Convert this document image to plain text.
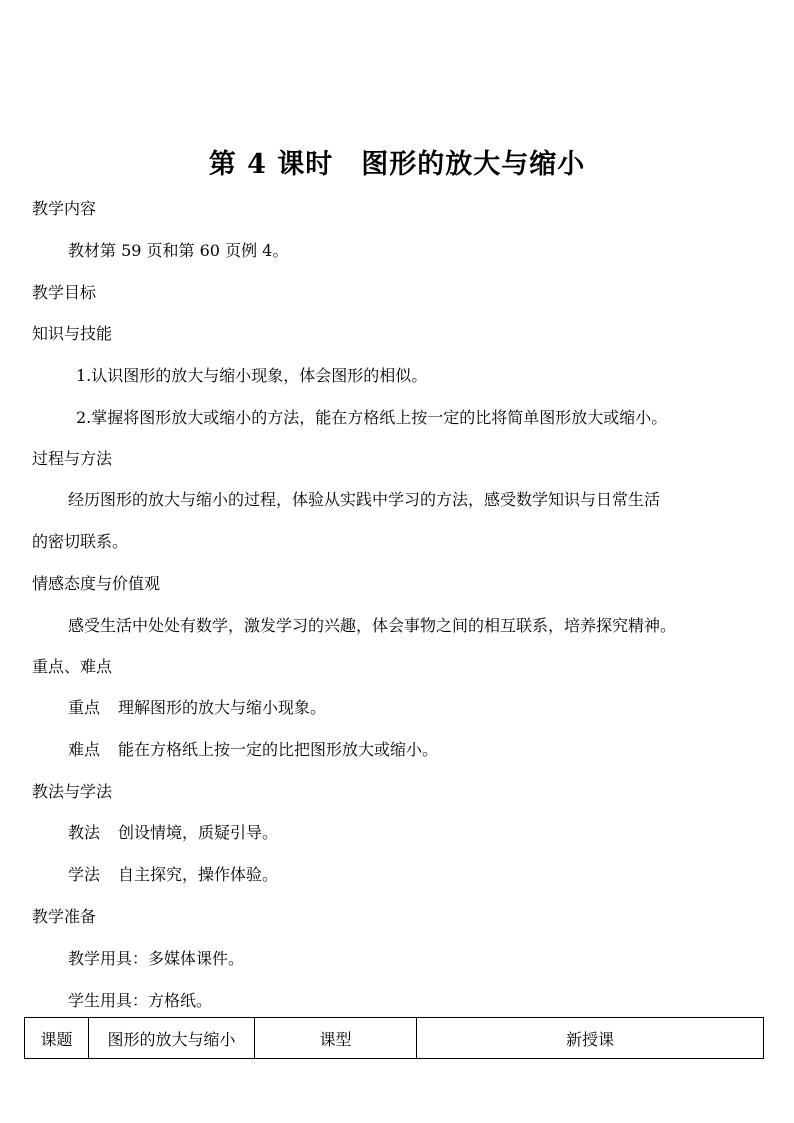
第 4 课时　图形的放大与缩小
教学内容
教材第 59 页和第 60 页例 4。
教学目标
知识与技能
1.认识图形的放大与缩小现象，体会图形的相似。
2.掌握将图形放大或缩小的方法，能在方格纸上按一定的比将简单图形放大或缩小。
过程与方法
经历图形的放大与缩小的过程，体验从实践中学习的方法，感受数学知识与日常生活
的密切联系。
情感态度与价值观
感受生活中处处有数学，激发学习的兴趣，体会事物之间的相互联系，培养探究精神。
重点、难点
重点 理解图形的放大与缩小现象。
难点 能在方格纸上按一定的比把图形放大或缩小。
教法与学法
教法 创设情境，质疑引导。
学法 自主探究，操作体验。
教学准备
教学用具：多媒体课件。
学生用具：方格纸。
课题	图形的放大与缩小	课型	新授课
